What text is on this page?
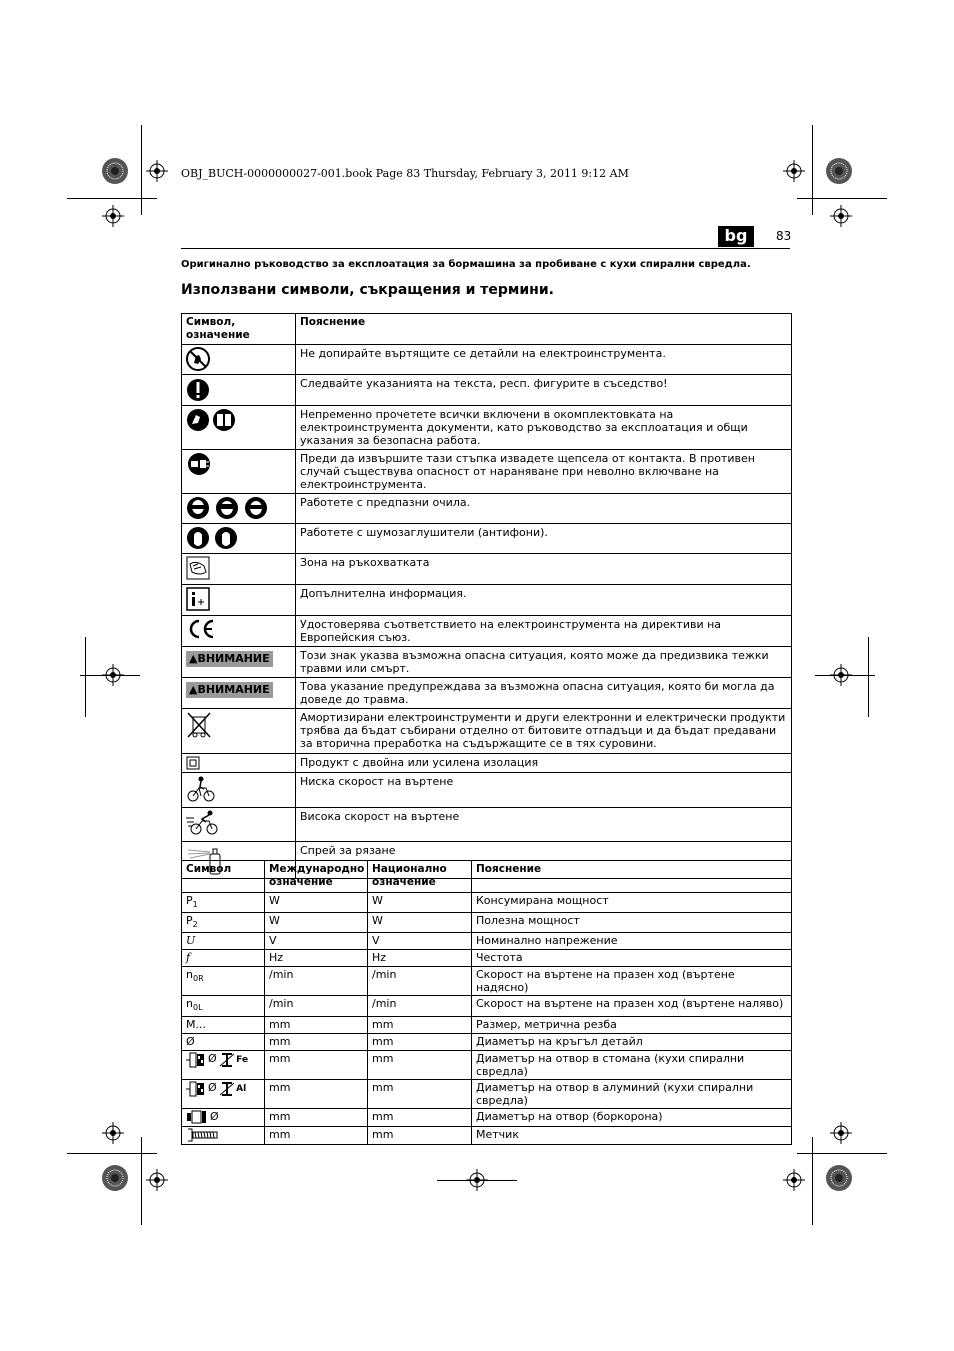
OBJ_BUCH-0000000027-001.book Page 83 Thursday, February 3, 2011 9:12 AM
bg	83
Оригинално ръководство за експлоатация за бормашина за пробиване с кухи спирални свредла.
Използвани символи, съкращения и термини.
Символ, означение	Пояснение
	Не допирайте въртящите се детайли на електроинструмента.
	Следвайте указанията на текста, респ. фигурите в съседство!
	Непременно прочетете всички включени в окомплектовката на електроинструмента документи, като ръководство за експлоатация и общи указания за безопасна работа.
	Преди да извършите тази стъпка извадете щепсела от контакта. В противен случай съществува опасност от нараняване при неволно включване на електроинструмента.
	Работете с предпазни очила.
	Работете с шумозаглушители (антифони).
	Зона на ръкохватката
	Допълнителна информация.
	Удостоверява съответствието на електроинструмента на директиви на Европейския съюз.
▲ВНИМАНИЕ	Този знак указва възможна опасна ситуация, която може да предизвика тежки травми или смърт.
▲ВНИМАНИЕ	Това указание предупреждава за възможна опасна ситуация, която би могла да доведе до травма.
	Амортизирани електроинструменти и други електронни и електрически продукти трябва да бъдат събирани отделно от битовите отпадъци и да бъдат предавани за вторична преработка на съдържащите се в тях суровини.
	Продукт с двойна или усилена изолация
	Ниска скорост на въртене
	Висока скорост на въртене
	Спрей за рязане
Символ	Международно означение	Национално означение	Пояснение
$P_1$	W	W	Консумирана мощност
$P_2$	W	W	Полезна мощност
U	V	V	Номинално напрежение
f	Hz	Hz	Честота
$n_{0R}$	/min	/min	Скорост на въртене на празен ход (въртене надясно)
$n_{0L}$	/min	/min	Скорост на въртене на празен ход (въртене наляво)
M...	mm	mm	Размер, метрична резба
Ø	mm	mm	Диаметър на кръгъл детайл
Ø Fe	mm	mm	Диаметър на отвор в стомана (кухи спирални свредла)
Ø Al	mm	mm	Диаметър на отвор в алуминий (кухи спирални свредла)
Ø	mm	mm	Диаметър на отвор (боркорона)
	mm	mm	Метчик
